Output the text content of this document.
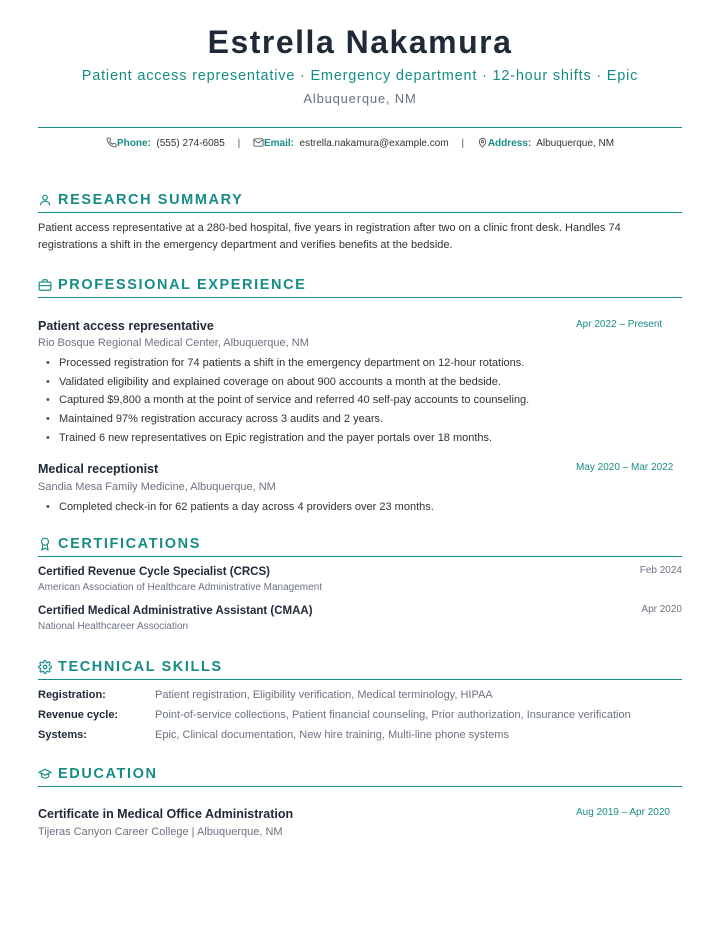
Estrella Nakamura
Patient access representative · Emergency department · 12-hour shifts · Epic
Albuquerque, NM
Phone: (555) 274-6085 | Email: estrella.nakamura@example.com | Address: Albuquerque, NM
RESEARCH SUMMARY
Patient access representative at a 280-bed hospital, five years in registration after two on a clinic front desk. Handles 74 registrations a shift in the emergency department and verifies benefits at the bedside.
PROFESSIONAL EXPERIENCE
Patient access representative	Apr 2022 – Present
Rio Bosque Regional Medical Center, Albuquerque, NM
• Processed registration for 74 patients a shift in the emergency department on 12-hour rotations.
• Validated eligibility and explained coverage on about 900 accounts a month at the bedside.
• Captured $9,800 a month at the point of service and referred 40 self-pay accounts to counseling.
• Maintained 97% registration accuracy across 3 audits and 2 years.
• Trained 6 new representatives on Epic registration and the payer portals over 18 months.
Medical receptionist	May 2020 – Mar 2022
Sandia Mesa Family Medicine, Albuquerque, NM
• Completed check-in for 62 patients a day across 4 providers over 23 months.
CERTIFICATIONS
Certified Revenue Cycle Specialist (CRCS)	Feb 2024
American Association of Healthcare Administrative Management
Certified Medical Administrative Assistant (CMAA)	Apr 2020
National Healthcareer Association
TECHNICAL SKILLS
Registration:	Patient registration, Eligibility verification, Medical terminology, HIPAA
Revenue cycle:	Point-of-service collections, Patient financial counseling, Prior authorization, Insurance verification
Systems:	Epic, Clinical documentation, New hire training, Multi-line phone systems
EDUCATION
Certificate in Medical Office Administration	Aug 2019 – Apr 2020
Tijeras Canyon Career College | Albuquerque, NM
